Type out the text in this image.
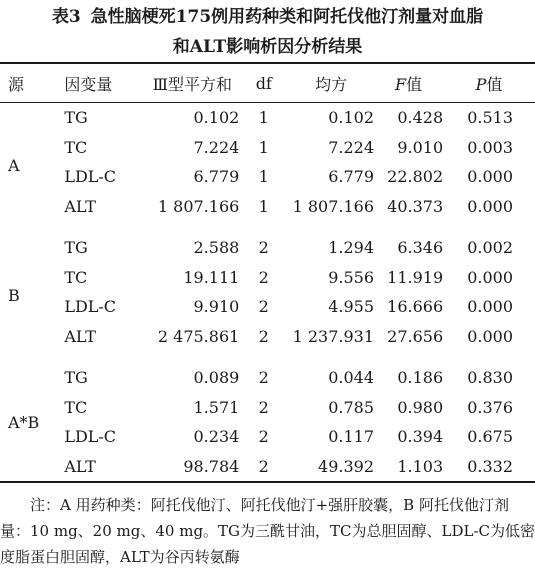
表3 急性脑梗死175例用药种类和阿托伐他汀剂量对血脂
和ALT影响析因分析结果
源	因变量	Ⅲ型平方和	df	均方	F值	P值
A	TG	0.102	1	0.102	0.428	0.513
	TC	7.224	1	7.224	9.010	0.003
	LDL-C	6.779	1	6.779	22.802	0.000
	ALT	1 807.166	1	1 807.166	40.373	0.000
B	TG	2.588	2	1.294	6.346	0.002
	TC	19.111	2	9.556	11.919	0.000
	LDL-C	9.910	2	4.955	16.666	0.000
	ALT	2 475.861	2	1 237.931	27.656	0.000
A*B	TG	0.089	2	0.044	0.186	0.830
	TC	1.571	2	0.785	0.980	0.376
	LDL-C	0.234	2	0.117	0.394	0.675
	ALT	98.784	2	49.392	1.103	0.332

注：A 用药种类：阿托伐他汀、阿托伐他汀+强肝胶囊，B 阿托伐他汀剂量：10 mg、20 mg、40 mg。TG为三酰甘油，TC为总胆固醇、LDL-C为低密度脂蛋白胆固醇，ALT为谷丙转氨酶
